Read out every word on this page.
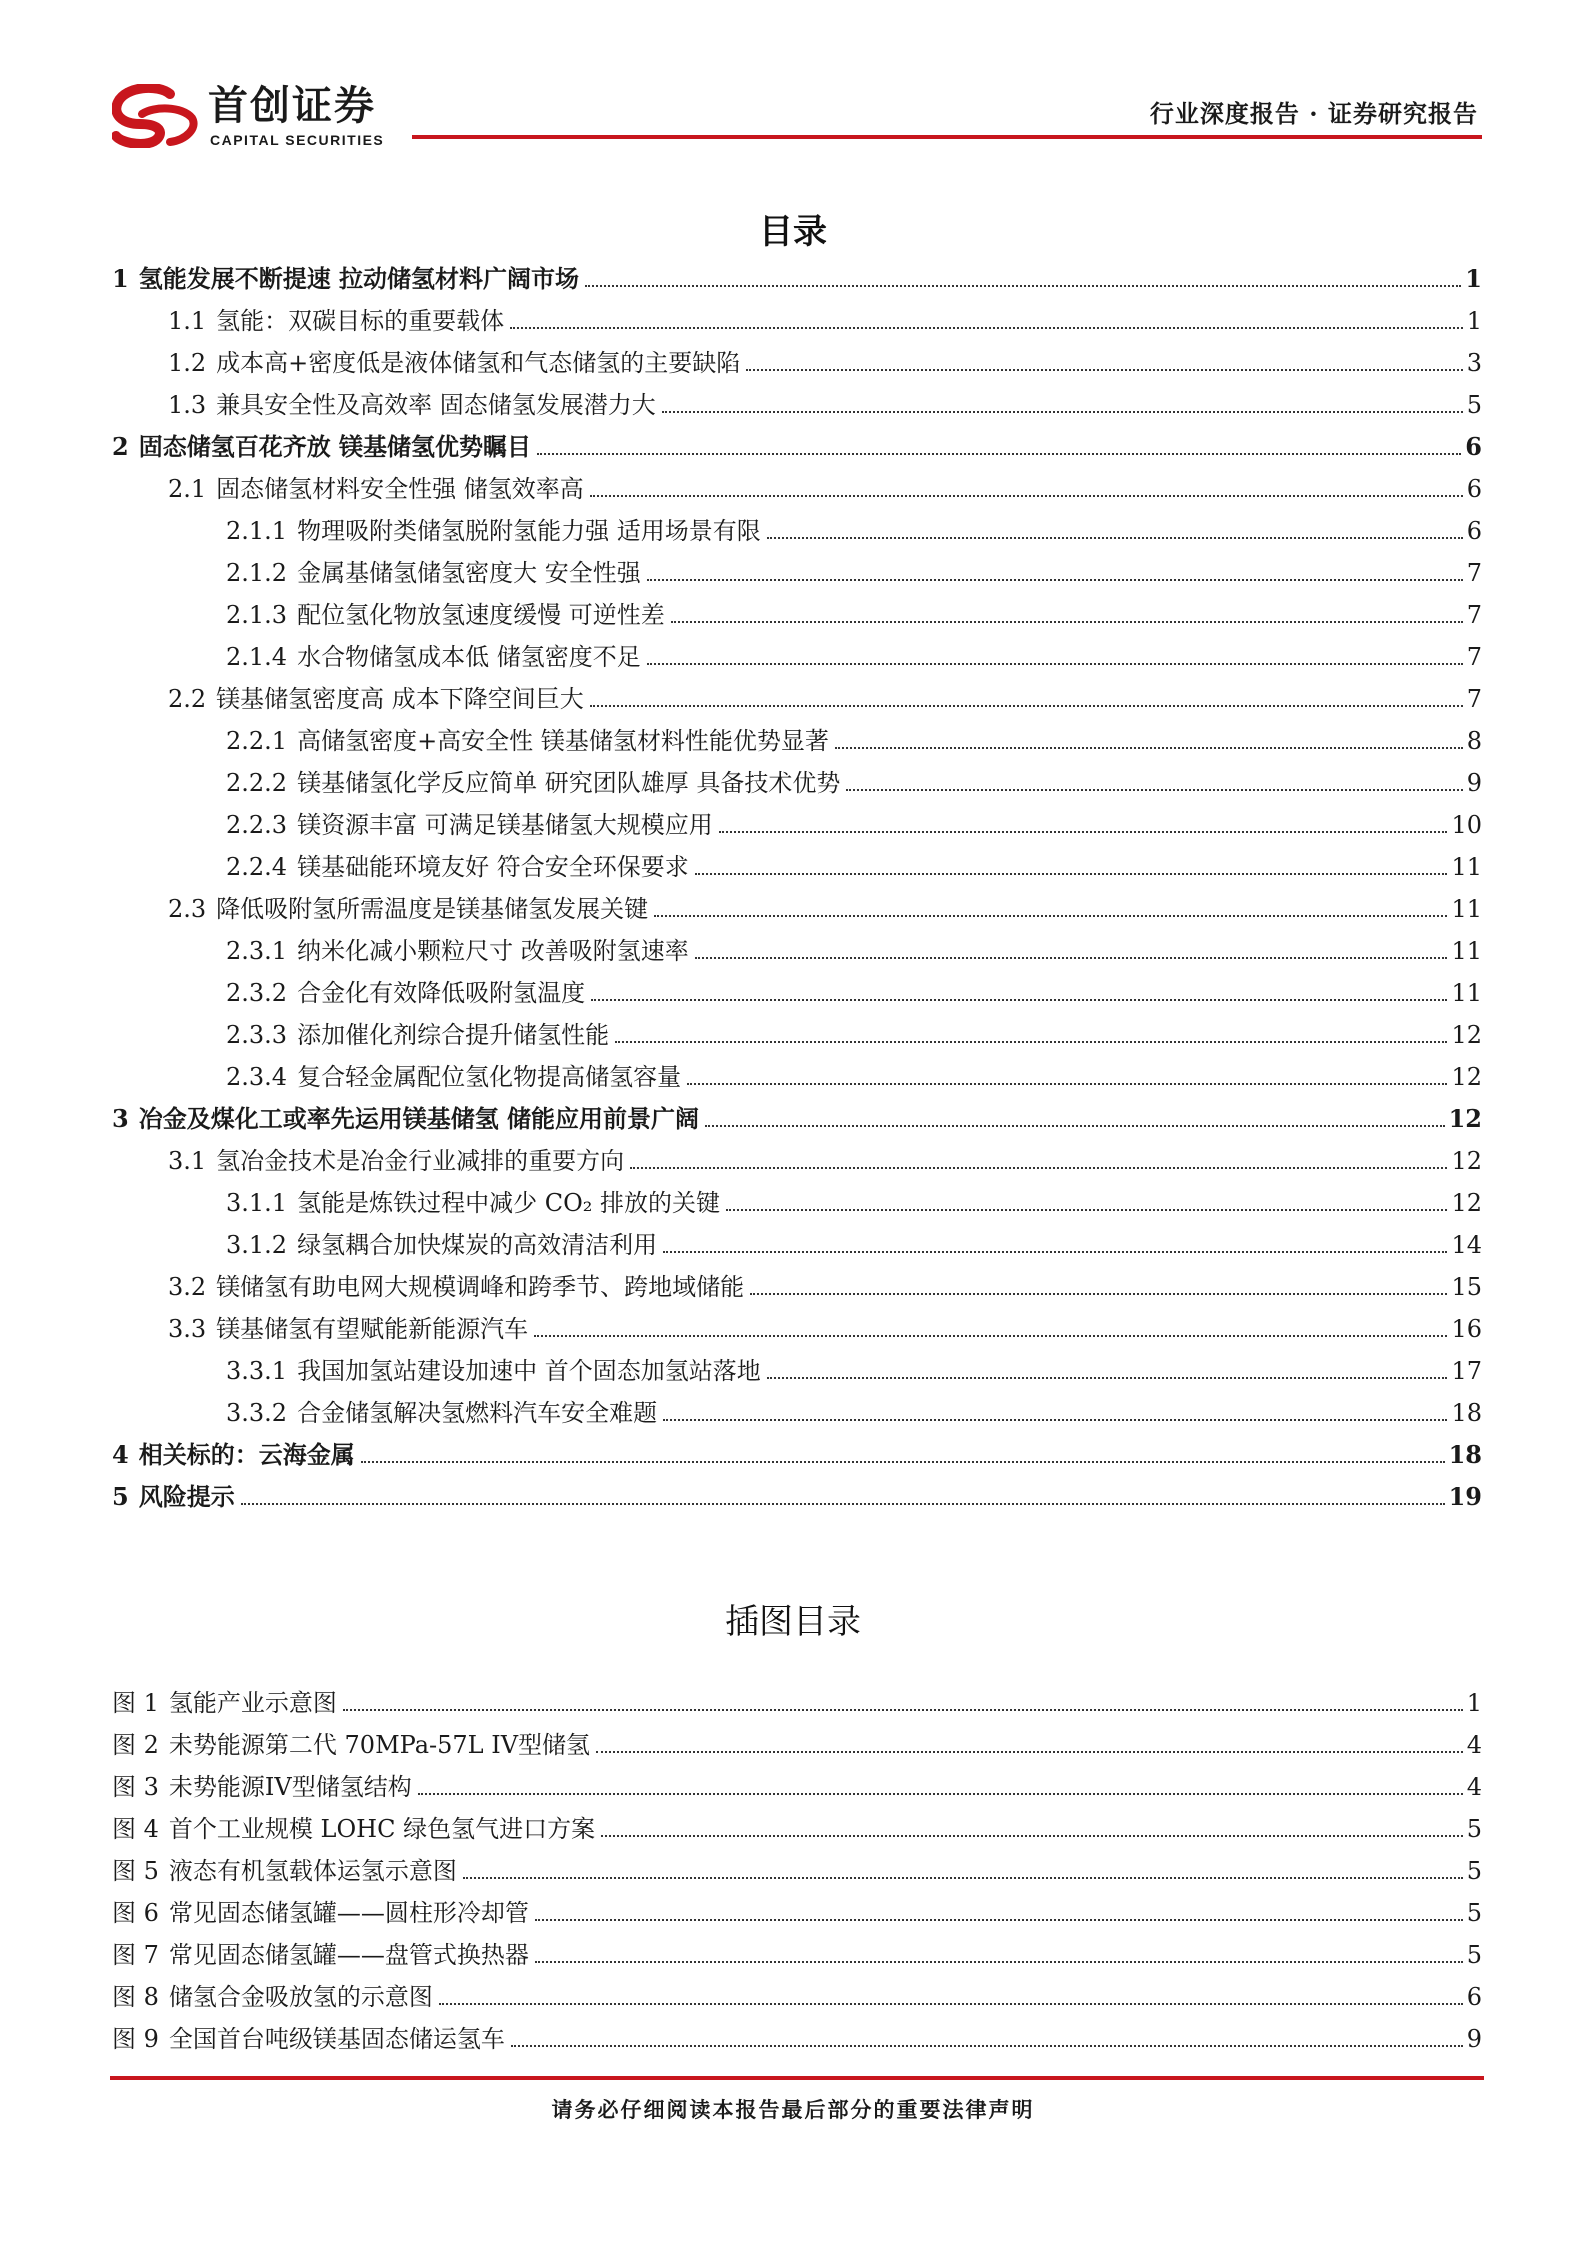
首创证券
CAPITAL SECURITIES
行业深度报告 · 证券研究报告
目录
1 氢能发展不断提速 拉动储氢材料广阔市场	1
1.1 氢能：双碳目标的重要载体	1
1.2 成本高+密度低是液体储氢和气态储氢的主要缺陷	3
1.3 兼具安全性及高效率 固态储氢发展潜力大	5
2 固态储氢百花齐放 镁基储氢优势瞩目	6
2.1 固态储氢材料安全性强 储氢效率高	6
2.1.1 物理吸附类储氢脱附氢能力强 适用场景有限	6
2.1.2 金属基储氢储氢密度大 安全性强	7
2.1.3 配位氢化物放氢速度缓慢 可逆性差	7
2.1.4 水合物储氢成本低 储氢密度不足	7
2.2 镁基储氢密度高 成本下降空间巨大	7
2.2.1 高储氢密度+高安全性 镁基储氢材料性能优势显著	8
2.2.2 镁基储氢化学反应简单 研究团队雄厚 具备技术优势	9
2.2.3 镁资源丰富 可满足镁基储氢大规模应用	10
2.2.4 镁基础能环境友好 符合安全环保要求	11
2.3 降低吸附氢所需温度是镁基储氢发展关键	11
2.3.1 纳米化减小颗粒尺寸 改善吸附氢速率	11
2.3.2 合金化有效降低吸附氢温度	11
2.3.3 添加催化剂综合提升储氢性能	12
2.3.4 复合轻金属配位氢化物提高储氢容量	12
3 冶金及煤化工或率先运用镁基储氢 储能应用前景广阔	12
3.1 氢冶金技术是冶金行业减排的重要方向	12
3.1.1 氢能是炼铁过程中减少 CO₂ 排放的关键	12
3.1.2 绿氢耦合加快煤炭的高效清洁利用	14
3.2 镁储氢有助电网大规模调峰和跨季节、跨地域储能	15
3.3 镁基储氢有望赋能新能源汽车	16
3.3.1 我国加氢站建设加速中 首个固态加氢站落地	17
3.3.2 合金储氢解决氢燃料汽车安全难题	18
4 相关标的：云海金属	18
5 风险提示	19
插图目录
图 1 氢能产业示意图	1
图 2 未势能源第二代 70MPa-57L IV型储氢	4
图 3 未势能源IV型储氢结构	4
图 4 首个工业规模 LOHC 绿色氢气进口方案	5
图 5 液态有机氢载体运氢示意图	5
图 6 常见固态储氢罐——圆柱形冷却管	5
图 7 常见固态储氢罐——盘管式换热器	5
图 8 储氢合金吸放氢的示意图	6
图 9 全国首台吨级镁基固态储运氢车	9
请务必仔细阅读本报告最后部分的重要法律声明
